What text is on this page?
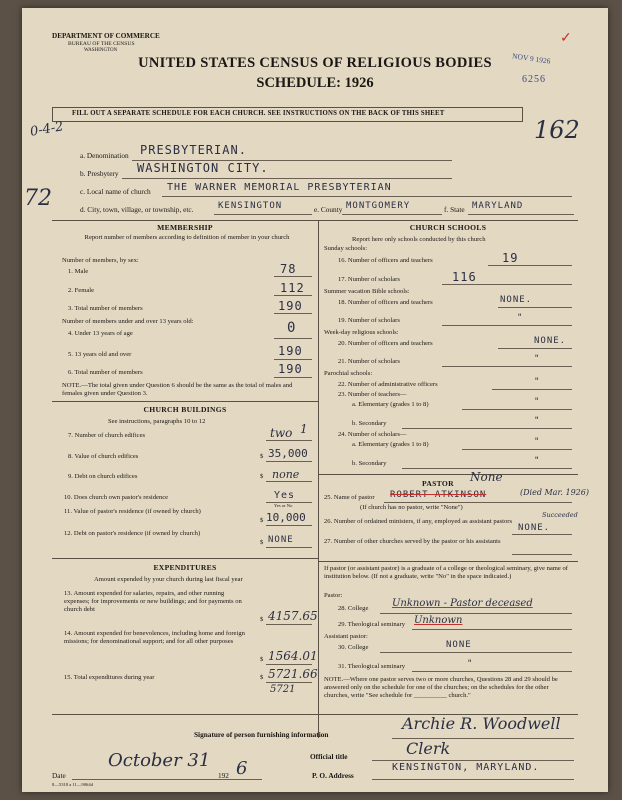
DEPARTMENT OF COMMERCE
BUREAU OF THE CENSUS
WASHINGTON
UNITED STATES CENSUS OF RELIGIOUS BODIES
SCHEDULE: 1926
NOV 9 1926
6256
✓
FILL OUT A SEPARATE SCHEDULE FOR EACH CHURCH. SEE INSTRUCTIONS ON THE BACK OF THIS SHEET
0-4-2	162
72
a. Denomination PRESBYTERIAN.
b. Presbytery WASHINGTON CITY.
c. Local name of church THE WARNER MEMORIAL PRESBYTERIAN
d. City, town, village, or township, etc.	KENSINGTON	e. County MONTGOMERY	f. State MARYLAND
MEMBERSHIP
Report number of members according to definition of member in your church
Number of members, by sex:
1. Male	78
2. Female	112
3. Total number of members	190
Number of members under and over 13 years old:
4. Under 13 years of age	0
5. 13 years old and over	190
6. Total number of members	190
NOTE.—The total given under Question 6 should be the same as the total of males and females given under Question 3.
CHURCH BUILDINGS
See instructions, paragraphs 10 to 12
7. Number of church edifices	two 1
8. Value of church edifices	$ 35,000
9. Debt on church edifices	$ none
10. Does church own pastor's residence	Yes
Yes or No
11. Value of pastor's residence (if owned by church)
$ 10,000
12. Debt on pastor's residence (if owned by church)
$ NONE
EXPENDITURES
Amount expended by your church during last fiscal year
13. Amount expended for salaries, repairs, and other running expenses; for improvements or new buildings; and for payments on church debt
$ 4157.65
14. Amount expended for benevolences, including home and foreign missions; for denominational support; and for all other purposes
$ 1564.01
15. Total expenditures during year	$ 5721.66
5721
CHURCH SCHOOLS
Report here only schools conducted by this church
Sunday schools:
16. Number of officers and teachers	19
17. Number of scholars	116
Summer vacation Bible schools:
18. Number of officers and teachers	NONE.
19. Number of scholars	"
Week-day religious schools:
20. Number of officers and teachers	NONE.
21. Number of scholars	"
Parochial schools:
22. Number of administrative officers	"
23. Number of teachers—
a. Elementary (grades 1 to 8)	"
b. Secondary	"
24. Number of scholars—
a. Elementary (grades 1 to 8)	"
b. Secondary	"
PASTOR None
25. Name of pastor ROBERT ATKINSON	(Died Mar. 1926)
(If church has no pastor, write "None")
26. Number of ordained ministers, if any, employed as assistant pastors
NONE.
Succeeded
27. Number of other churches served by the pastor or his assistants
If pastor (or assistant pastor) is a graduate of a college or theological seminary, give name of institution below. (If not a graduate, write "No" in the space indicated.)
Pastor:
28. College Unknown - Pastor deceased
29. Theological seminary Unknown
Assistant pastor:
30. College	NONE
31. Theological seminary	"
NOTE.—Where one pastor serves two or more churches, Questions 28 and 29 should be answered only on the schedule for one of the churches; on the schedules for the other churches, write "See schedule for __________ church."
Signature of person furnishing information
Archie R. Woodwell
Official title	Clerk
Date
October 31
192 6	P. O. Address
KENSINGTON, MARYLAND.
8—5318 a 11—9064d
